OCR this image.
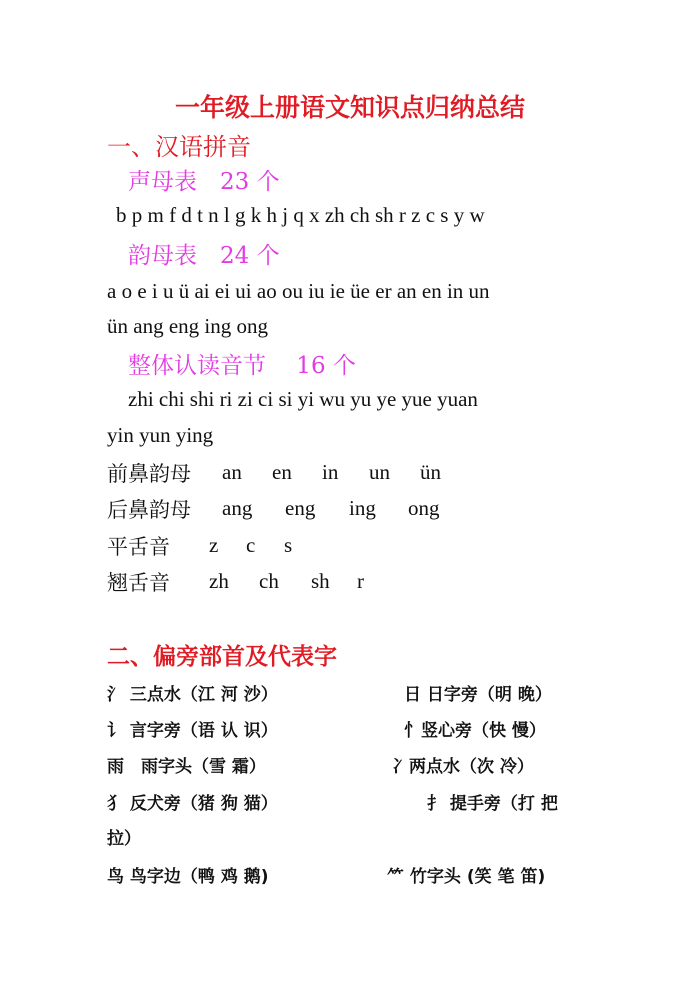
一年级上册语文知识点归纳总结
一、汉语拼音
声母表　23 个
b p m f d t n l g k h j q x zh ch sh r z c s y w
韵母表　24 个
a o e i u ü ai ei ui ao ou iu ie üe er an en in un
ün ang eng ing ong
整体认读音节　 16 个
zhi chi shi ri zi ci si yi wu yu ye yue yuan
yin yun ying
前鼻韵母 an en in un ün
后鼻韵母 ang eng ing ong
平舌音 z c s
翘舌音 zh ch sh r
二、偏旁部首及代表字
氵 三点水（江 河 沙）	日 日字旁（明 晚）
讠 言字旁（语 认 识）	忄竖心旁（快 慢）
雨　雨字头（雪 霜）	冫两点水（次 冷）
犭 反犬旁（猪 狗 猫）	扌 提手旁（打 把
拉）
鸟 鸟字边（鸭 鸡 鹅)	⺮ 竹字头 (笑 笔 笛)
